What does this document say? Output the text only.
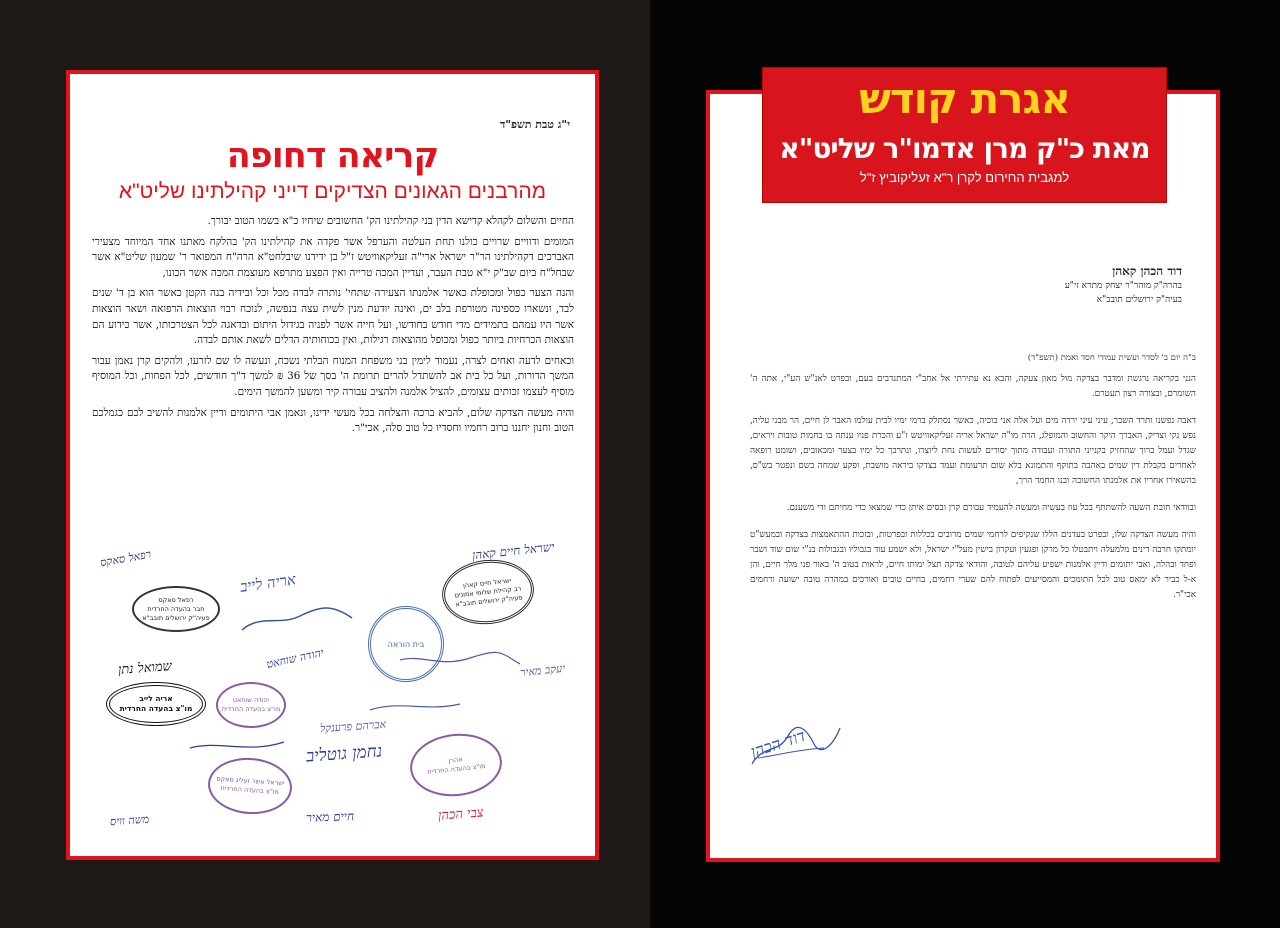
י"ג טבת תשפ"ד
קריאה דחופה
מהרבנים הגאונים הצדיקים דייני קהילתינו שליט"א

החיים והשלום לקהלא קדישא הדין בני קהילתינו הק' החשובים שיחיו כ"א בשמו הטוב יבורך.

המומים ודוויים שרויים כולנו תחת העלטה והערפל אשר פקדה את קהילתינו הק' בהלקח מאתנו אחד המיוחד מצעירי האברכים דקהילתינו הר"ר ישראל ארי"ה זעליקאוויטש ז"ל בן ידידנו שיבלחט"א הרה"ח המפואר ר' שמעון שליט"א אשר שבחל"ח ביום שב"ק י"א טבת העבר, ועדיין המכה טרייה ואין הפצע מתרפא מעוצמת המכה אשר הכונו,

והנה הצער כפול ומכופלת כאשר אלמנתו הצעירה שתחי' נותרה לבדה מכל וכל ובידיה בנה הקטן כאשר הוא בן ד' שנים לבד, ונשארו כספינה מטורפת בלב ים, ואינה יודעת מנין לשית עצה בנפשה, לנוכח רבוי הוצאות הרפואה ושאר הוצאות אשר היו עמהם בתמידים מדי חודש בחודשו, ועל חייה אשר לפניה בגידול היתום ובדאגה לכל הצטרכותו, אשר כידוע הם הוצאות הכרחיות ביותר כפול ומכופל מהוצאות רגילות, ואין בכוחותיה הדלים לשאת אותם לבדה.

וכאחים לדעה ואחים לצרה, נעמוד לימין בני משפחת המנוח הבלתי נשכח, ונעשה לו שם לזרעו, ולהקים קרן נאמן עבור המשך הדורות, ועל כל בית אב להשתדל להרים תרומת ה' בסך של 36 ₪ למשך ד"ך חודשים, לכל הפחות, וכל המוסיף מוסיף לעצמו זכותים עצומים, להציל אלמנה ולהציב עבורה קיר ומשען להמשך הימים.

והיה מעשה הצדקה שלום, להביא ברכה והצלחה בכל מעשי ידינו, ונאמן אבי היתומים ודיין אלמנות להשיב לכם כגמלכם הטוב וחנון יחננו ברוב רחמיו וחסדיו כל טוב סלה, אכי"ר.

ישראל חיים קאהן
רב קהילת שלומי אמונים
פעיה"ק ירושלים תובב"א
רפאל סאקס
חבר בהעדה החרדית
פעיה"ק ירושלים תובב"א
בית הוראה
אריה לייב
מו"צ בהעדה החרדית
יהודה שוחאט
מו"צ בהעדה החרדית
אהרן
מו"צ בהעדה החרדית
ישראל אשר זעליג סאקס
מו"צ בהעדה החרדית
ישראל חיים קאהן
רפאל סאקס
אריה לייב
נחמן גוטליב
יהודה שוחאט
שמואל נתן	יעקב מאיר
אברהם פרענקל
צבי הכהן
משה וויס	חיים מאיר
דוד הכהן קאהן
בהרה"ק מוהר"ר יצחק מתרא זי"ע
בעיה"ק ירושלים תובב"א
ב"ה יום ב' לסדר ועשית עמודי חסד ואמת (תשפ"ד)

הנני בקריאה נרגשת ומדבר בצדקה מול מאון צעקה, והבא נא עתירתי אל אחב"י המתנדבים בעם, ובפרט לאנ"ש הע"י, אתה ה' השומרם, ובצורה רצון תעטרם.

דאבה נפשנו ותרד השבר, עיני עיני ירדה מים ועל אלה אני בוכיה, כאשר נסתלק ברמי ימיו לבית עולמו האבר לן חיים, הר מבני עליה, נפש נקי וצדיק, האברך היקר והחשוב והמופלג, הרה מו"ה ישראל אריה זעליקאוויטש ז"ע והכרת פניו ענתה בו בחמות טובות ויראים, שגדל ועמל ברוך שהחזיק בקנייני התורה ועבודה מתוך יסורים לעשות נחת ליוצרו, ונתרבך כל ימיו בצער ומכאובים, ושומט רופאה לאחרים בקבלת דין שמים באהבה בתוקף והתמונא בלא שום תרעומת ועמד בצדקו ביראה מושבת, ופקע שמחה בשם ונפטר בש"ס, בהשאירו אחריו את אלמנתו החשובה ובנו החמד הרך,

ובוודאי חובת השעה להשתתף בכל עוז בעשיה ומעשה להעמיד עבורם קרן ובסים איתן כדי שמצאו כדי מחיתם ודי משענם.

והיה מעשה הצדקה שלו, ובפרט בעדנים הללו שנקיפים לרחמי שמים מרובים בכללות ובפרטות, ובזכות ההתאמצות בצדקה ובמעש"ט יומתקו חרבה דינים מלמעלה ויתבטלו כל מרקן ופגעין ועקרון בישין מעל"י ישראל, ולא ישמע עוד בגבוליו ובגבולות בנ"י שום שוד ושבר ופחד ובהלה, ואבי יתומים ודיין אלמנות ישפיע עליהם לטובה, והודאי צדקה תצל ימותו חיים, לראות בטוב ה' באור פני מלך חיים, והן א-ל כביר לא ימאס טוב לכל התומכים והמסייעים לפתוח להם שערי רחמים, בחיים טובים ואורכים במהרה טובה ישועה ורחמים אכי"ר.

דוד הכהן
אגרת קודש
מאת כ"ק מרן אדמו"ר שליט"א
למגבית החירום לקרן ר"א זעליקוביץ ז"ל
